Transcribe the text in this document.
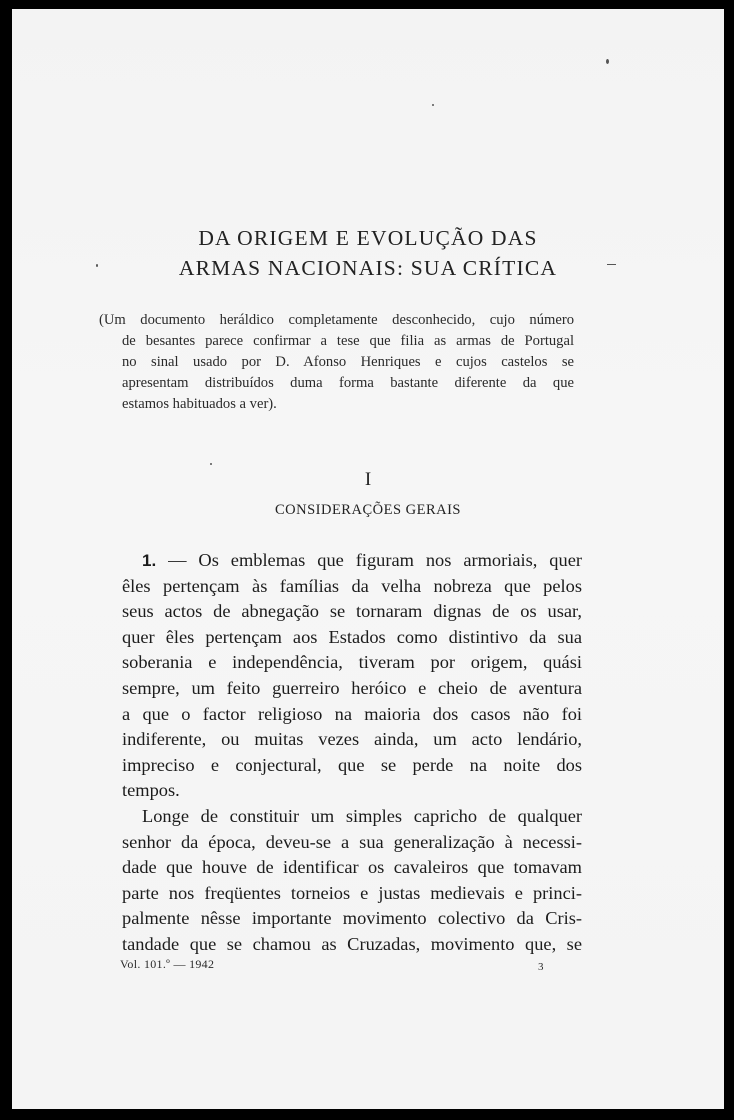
DA ORIGEM E EVOLUÇÃO DAS
ARMAS NACIONAIS: SUA CRÍTICA
(Um documento heráldico completamente desconhecido, cujo número
de besantes parece confirmar a tese que filia as armas de Portugal
no sinal usado por D. Afonso Henriques e cujos castelos se
apresentam distribuídos duma forma bastante diferente da que
estamos habituados a ver).
I
CONSIDERAÇÕES GERAIS
1. — Os emblemas que figuram nos armoriais, quer
êles pertençam às famílias da velha nobreza que pelos
seus actos de abnegação se tornaram dignas de os usar,
quer êles pertençam aos Estados como distintivo da sua
soberania e independência, tiveram por origem, quási
sempre, um feito guerreiro heróico e cheio de aventura
a que o factor religioso na maioria dos casos não foi
indiferente, ou muitas vezes ainda, um acto lendário,
impreciso e conjectural, que se perde na noite dos
tempos.
Longe de constituir um simples capricho de qualquer
senhor da época, deveu-se a sua generalização à necessi-
dade que houve de identificar os cavaleiros que tomavam
parte nos freqüentes torneios e justas medievais e princi-
palmente nêsse importante movimento colectivo da Cris-
tandade que se chamou as Cruzadas, movimento que, se
Vol. 101.º — 1942	3
